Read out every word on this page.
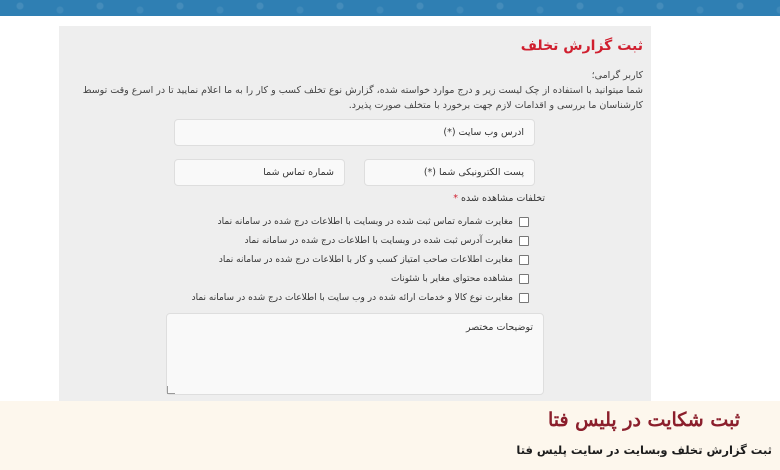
ثبت گزارش تخلف
کاربر گرامی؛
شما میتوانید با استفاده از چک لیست زیر و درج موارد خواسته شده، گزارش نوع تخلف کسب و کار را به ما اعلام نمایید تا در اسرع وقت توسط کارشناسان ما بررسی و اقدامات لازم جهت برخورد با متخلف صورت پذیرد.
آدرس وب سایت (*)
پست الکترونیکی شما (*)
شماره تماس شما
تخلفات مشاهده شده *
مغایرت شماره تماس ثبت شده در وبسایت با اطلاعات درج شده در سامانه نماد
مغایرت آدرس ثبت شده در وبسایت با اطلاعات درج شده در سامانه نماد
مغایرت اطلاعات صاحب امتیاز کسب و کار با اطلاعات درج شده در سامانه نماد
مشاهده محتوای مغایر با شئونات
مغایرت نوع کالا و خدمات ارائه شده در وب سایت با اطلاعات درج شده در سامانه نماد
توضیحات مختصر
ثبت شکایت در پلیس فتا
ثبت گزارش تخلف وبسایت در سایت پلیس فتا
